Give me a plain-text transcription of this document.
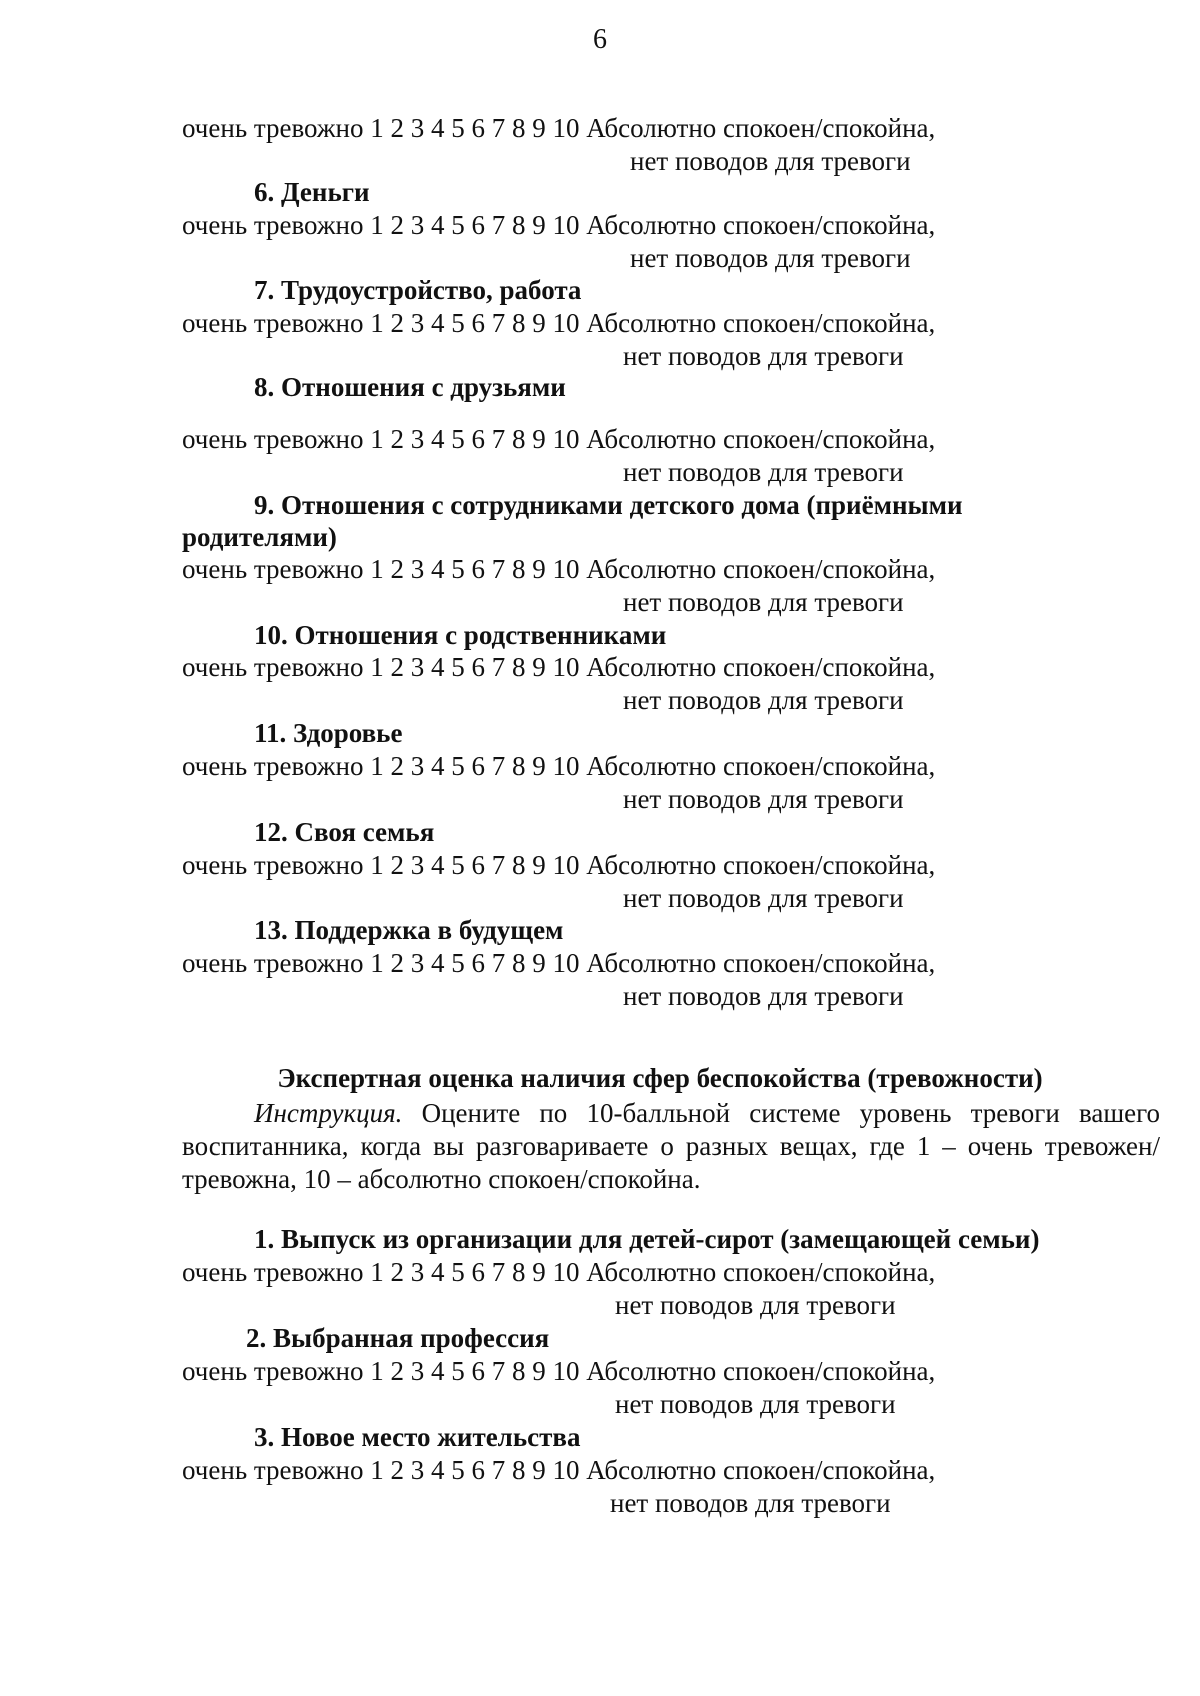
6
очень тревожно 1 2 3 4 5 6 7 8 9 10 Абсолютно спокоен/спокойна,
нет поводов для тревоги
6. Деньги
очень тревожно 1 2 3 4 5 6 7 8 9 10 Абсолютно спокоен/спокойна,
нет поводов для тревоги
7. Трудоустройство, работа
очень тревожно 1 2 3 4 5 6 7 8 9 10 Абсолютно спокоен/спокойна,
нет поводов для тревоги
8. Отношения с друзьями
очень тревожно 1 2 3 4 5 6 7 8 9 10 Абсолютно спокоен/спокойна,
нет поводов для тревоги
9. Отношения с сотрудниками детского дома (приёмными
родителями)
очень тревожно 1 2 3 4 5 6 7 8 9 10 Абсолютно спокоен/спокойна,
нет поводов для тревоги
10. Отношения с родственниками
очень тревожно 1 2 3 4 5 6 7 8 9 10 Абсолютно спокоен/спокойна,
нет поводов для тревоги
11. Здоровье
очень тревожно 1 2 3 4 5 6 7 8 9 10 Абсолютно спокоен/спокойна,
нет поводов для тревоги
12. Своя семья
очень тревожно 1 2 3 4 5 6 7 8 9 10 Абсолютно спокоен/спокойна,
нет поводов для тревоги
13. Поддержка в будущем
очень тревожно 1 2 3 4 5 6 7 8 9 10 Абсолютно спокоен/спокойна,
нет поводов для тревоги
Экспертная оценка наличия сфер беспокойства (тревожности)
Инструкция. Оцените по 10-балльной системе уровень тревоги вашего воспитанника, когда вы разговариваете о разных вещах, где 1 – очень тревожен/тревожна, 10 – абсолютно спокоен/спокойна.
1. Выпуск из организации для детей-сирот (замещающей семьи)
очень тревожно 1 2 3 4 5 6 7 8 9 10 Абсолютно спокоен/спокойна,
нет поводов для тревоги
2. Выбранная профессия
очень тревожно 1 2 3 4 5 6 7 8 9 10 Абсолютно спокоен/спокойна,
нет поводов для тревоги
3. Новое место жительства
очень тревожно 1 2 3 4 5 6 7 8 9 10 Абсолютно спокоен/спокойна,
нет поводов для тревоги
